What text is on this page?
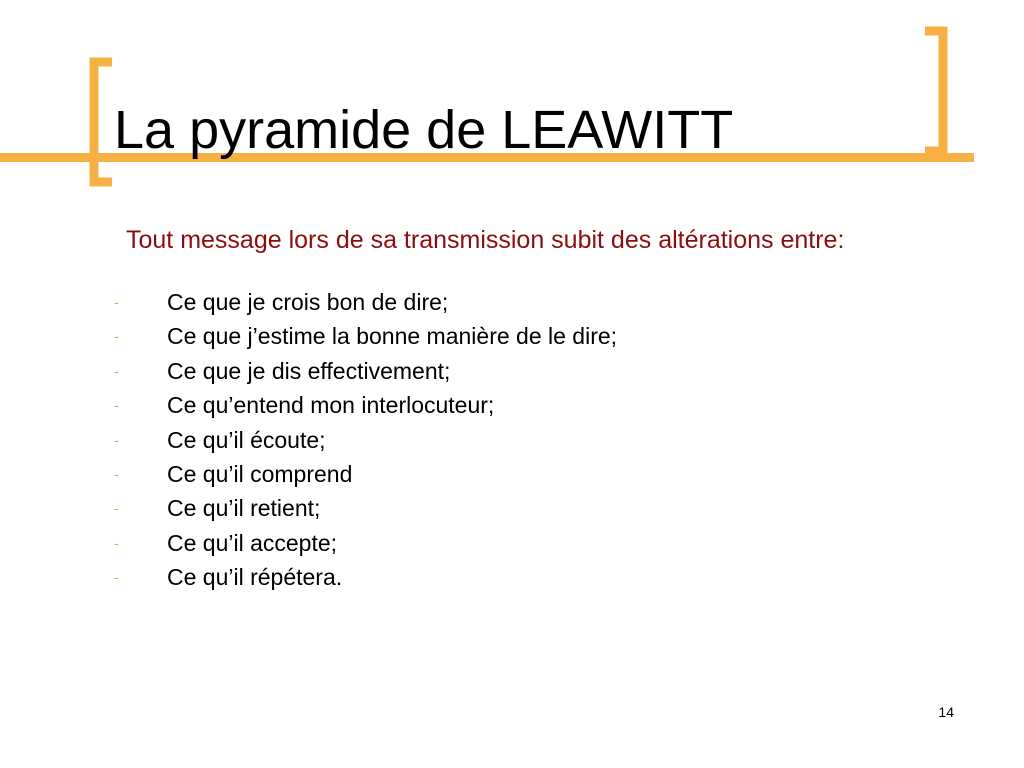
La pyramide de LEAWITT

Tout message lors de sa transmission subit des altérations entre:

- Ce que je crois bon de dire;
- Ce que j’estime la bonne manière de le dire;
- Ce que je dis effectivement;
- Ce qu’entend mon interlocuteur;
- Ce qu’il écoute;
- Ce qu’il comprend
- Ce qu’il retient;
- Ce qu’il accepte;
- Ce qu’il répétera.
14
